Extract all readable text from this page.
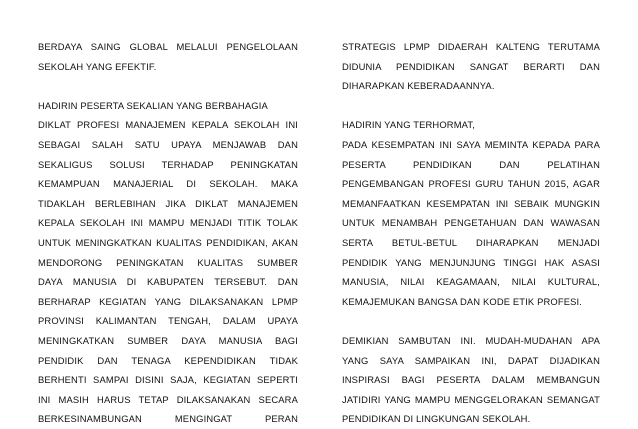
BERDAYA SAING GLOBAL MELALUI PENGELOLAAN
SEKOLAH YANG EFEKTIF.
HADIRIN PESERTA SEKALIAN YANG BERBAHAGIA
DIKLAT PROFESI MANAJEMEN KEPALA SEKOLAH INI
SEBAGAI SALAH SATU UPAYA MENJAWAB DAN
SEKALIGUS SOLUSI TERHADAP PENINGKATAN
KEMAMPUAN MANAJERIAL DI SEKOLAH. MAKA
TIDAKLAH BERLEBIHAN JIKA DIKLAT MANAJEMEN
KEPALA SEKOLAH INI MAMPU MENJADI TITIK TOLAK
UNTUK MENINGKATKAN KUALITAS PENDIDIKAN, AKAN
MENDORONG PENINGKATAN KUALITAS SUMBER
DAYA MANUSIA DI KABUPATEN TERSEBUT. DAN
BERHARAP KEGIATAN YANG DILAKSANAKAN LPMP
PROVINSI KALIMANTAN TENGAH, DALAM UPAYA
MENINGKATKAN SUMBER DAYA MANUSIA BAGI
PENDIDIK DAN TENAGA KEPENDIDIKAN TIDAK
BERHENTI SAMPAI DISINI SAJA, KEGIATAN SEPERTI
INI MASIH HARUS TETAP DILAKSANAKAN SECARA
BERKESINAMBUNGAN MENGINGAT PERAN
STRATEGIS LPMP DIDAERAH KALTENG TERUTAMA
DIDUNIA PENDIDIKAN SANGAT BERARTI DAN
DIHARAPKAN KEBERADAANNYA.
HADIRIN YANG TERHORMAT,
PADA KESEMPATAN INI SAYA MEMINTA KEPADA PARA
PESERTA PENDIDIKAN DAN PELATIHAN
PENGEMBANGAN PROFESI GURU TAHUN 2015, AGAR
MEMANFAATKAN KESEMPATAN INI SEBAIK MUNGKIN
UNTUK MENAMBAH PENGETAHUAN DAN WAWASAN
SERTA BETUL-BETUL DIHARAPKAN MENJADI
PENDIDIK YANG MENJUNJUNG TINGGI HAK ASASI
MANUSIA, NILAI KEAGAMAAN, NILAI KULTURAL,
KEMAJEMUKAN BANGSA DAN KODE ETIK PROFESI.
DEMIKIAN SAMBUTAN INI. MUDAH-MUDAHAN APA
YANG SAYA SAMPAIKAN INI, DAPAT DIJADIKAN
INSPIRASI BAGI PESERTA DALAM MEMBANGUN
JATIDIRI YANG MAMPU MENGGELORAKAN SEMANGAT
PENDIDIKAN DI LINGKUNGAN SEKOLAH.
